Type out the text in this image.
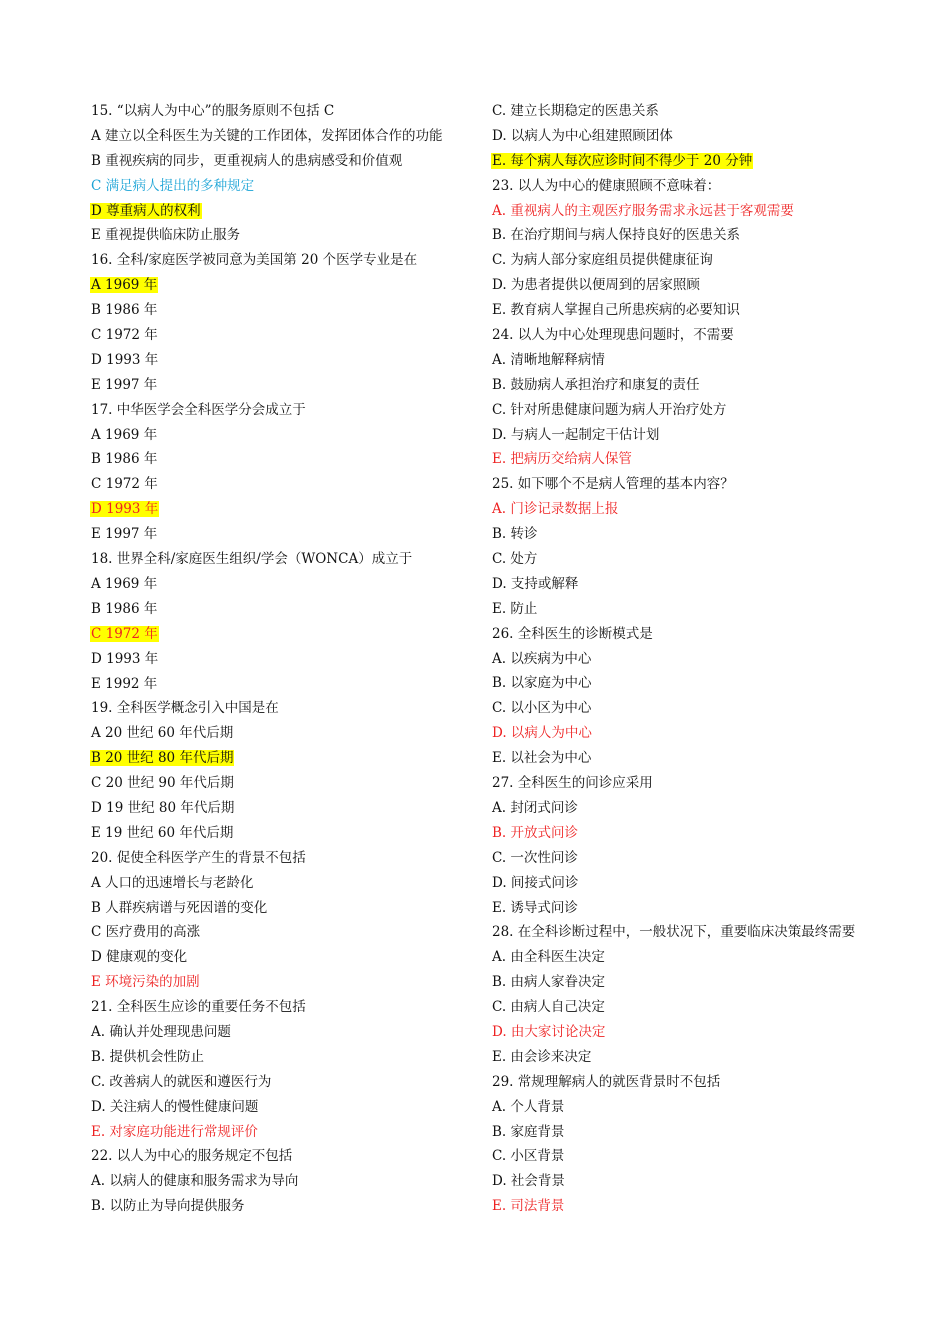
15. “以病人为中心”的服务原则不包括 C
A 建立以全科医生为关键的工作团体，发挥团体合作的功能
B 重视疾病的同步，更重视病人的患病感受和价值观
C 满足病人提出的多种规定
D 尊重病人的权利
E 重视提供临床防止服务
16. 全科/家庭医学被同意为美国第 20 个医学专业是在
A 1969 年
B 1986 年
C 1972 年
D 1993 年
E 1997 年
17. 中华医学会全科医学分会成立于
A 1969 年
B 1986 年
C 1972 年
D 1993 年
E 1997 年
18. 世界全科/家庭医生组织/学会（WONCA）成立于
A 1969 年
B 1986 年
C 1972 年
D 1993 年
E 1992 年
19. 全科医学概念引入中国是在
A 20 世纪 60 年代后期
B 20 世纪 80 年代后期
C 20 世纪 90 年代后期
D 19 世纪 80 年代后期
E 19 世纪 60 年代后期
20. 促使全科医学产生的背景不包括
A 人口的迅速增长与老龄化
B 人群疾病谱与死因谱的变化
C 医疗费用的高涨
D 健康观的变化
E 环境污染的加剧
21. 全科医生应诊的重要任务不包括
A. 确认并处理现患问题
B. 提供机会性防止
C. 改善病人的就医和遵医行为
D. 关注病人的慢性健康问题
E. 对家庭功能进行常规评价
22. 以人为中心的服务规定不包括
A. 以病人的健康和服务需求为导向
B. 以防止为导向提供服务
C. 建立长期稳定的医患关系
D. 以病人为中心组建照顾团体
E. 每个病人每次应诊时间不得少于 20 分钟
23. 以人为中心的健康照顾不意味着：
A. 重视病人的主观医疗服务需求永远甚于客观需要
B. 在治疗期间与病人保持良好的医患关系
C. 为病人部分家庭组员提供健康征询
D. 为患者提供以便周到的居家照顾
E. 教育病人掌握自己所患疾病的必要知识
24. 以人为中心处理现患问题时，不需要
A. 清晰地解释病情
B. 鼓励病人承担治疗和康复的责任
C. 针对所患健康问题为病人开治疗处方
D. 与病人一起制定干估计划
E. 把病历交给病人保管
25. 如下哪个不是病人管理的基本内容？
A. 门诊记录数据上报
B. 转诊
C. 处方
D. 支持或解释
E. 防止
26. 全科医生的诊断模式是
A. 以疾病为中心
B. 以家庭为中心
C. 以小区为中心
D. 以病人为中心
E. 以社会为中心
27. 全科医生的问诊应采用
A. 封闭式问诊
B. 开放式问诊
C. 一次性问诊
D. 间接式问诊
E. 诱导式问诊
28. 在全科诊断过程中，一般状况下，重要临床决策最终需要
A. 由全科医生决定
B. 由病人家眷决定
C. 由病人自己决定
D. 由大家讨论决定
E. 由会诊来决定
29. 常规理解病人的就医背景时不包括
A. 个人背景
B. 家庭背景
C. 小区背景
D. 社会背景
E. 司法背景
